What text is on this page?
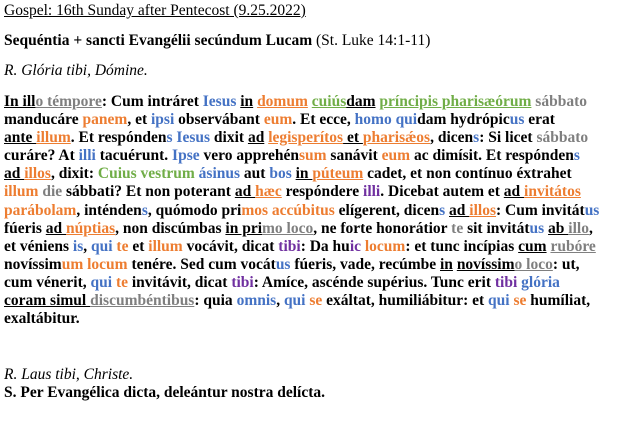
Gospel: 16th Sunday after Pentecost (9.25.2022)
Sequéntia + sancti Evangélii secúndum Lucam (St. Luke 14:1-11)
R. Glória tibi, Dómine.
In illo témpore: Cum intráret Iesus in domum cuiúsdam príncipis pharisæórum sábbato
manducáre panem, et ipsi observábant eum. Et ecce, homo quidam hydrópicus erat
ante illum. Et respóndens Iesus dixit ad legisperítos et pharisǽos, dicens: Si licet sábbato
curáre? At illi tacuérunt. Ipse vero apprehénsum sanávit eum ac dimísit. Et respóndens
ad illos, dixit: Cuius vestrum ásinus aut bos in púteum cadet, et non contínuo éxtrahet
illum die sábbati? Et non poterant ad hæc respóndere illi. Dicebat autem et ad invitátos
parábolam, inténdens, quómodo primos accúbitus elígerent, dicens ad illos: Cum invitátus
fúeris ad núptias, non discúmbas in primo loco, ne forte honorátior te sit invitátus ab illo,
et véniens is, qui te et illum vocávit, dicat tibi: Da huic locum: et tunc incípias cum rubóre
novíssimum locum tenére. Sed cum vocátus fúeris, vade, recúmbe in novíssimo loco: ut,
cum vénerit, qui te invitávit, dicat tibi: Amíce, ascénde supérius. Tunc erit tibi glória
coram simul discumbéntibus: quia omnis, qui se exáltat, humiliábitur: et qui se humíliat,
exaltábitur.
R. Laus tibi, Christe.
S. Per Evangélica dicta, deleántur nostra delícta.
